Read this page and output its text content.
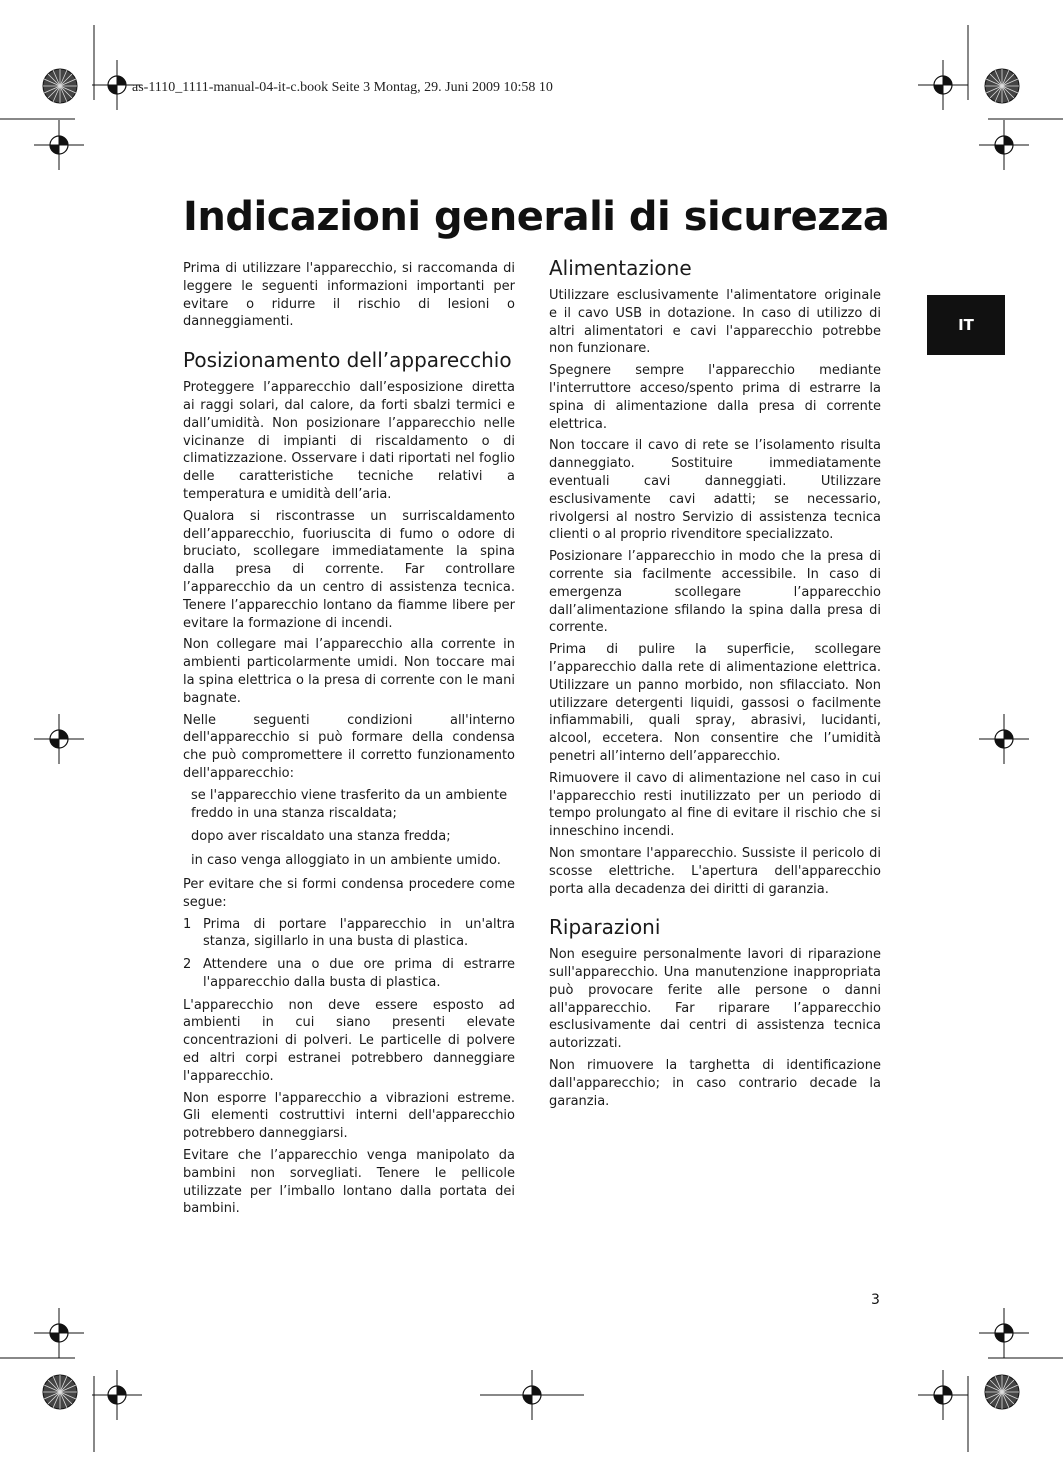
as-1110_1111-manual-04-it-c.book Seite 3 Montag, 29. Juni 2009 10:58 10
Indicazioni generali di sicurezza
IT

Prima di utilizzare l'apparecchio, si raccomanda di leggere le seguenti informazioni importanti per evitare o ridurre il rischio di lesioni o danneggiamenti.

Posizionamento dell’apparecchio

Proteggere l’apparecchio dall’esposizione diretta ai raggi solari, dal calore, da forti sbalzi termici e dall’umidità. Non posizionare l’apparecchio nelle vicinanze di impianti di riscaldamento o di climatizzazione. Osservare i dati riportati nel foglio delle caratteristiche tecniche relativi a temperatura e umidità dell’aria.

Qualora si riscontrasse un surriscaldamento dell’apparecchio, fuoriuscita di fumo o odore di bruciato, scollegare immediatamente la spina dalla presa di corrente. Far controllare l’apparecchio da un centro di assistenza tecnica. Tenere l’apparecchio lontano da fiamme libere per evitare la formazione di incendi.

Non collegare mai l’apparecchio alla corrente in ambienti particolarmente umidi. Non toccare mai la spina elettrica o la presa di corrente con le mani bagnate.

Nelle seguenti condizioni all'interno dell'apparecchio si può formare della condensa che può compromettere il corretto funzionamento dell'apparecchio:

se l'apparecchio viene trasferito da un ambiente freddo in una stanza riscaldata;

dopo aver riscaldato una stanza fredda;

in caso venga alloggiato in un ambiente umido.

Per evitare che si formi condensa procedere come segue:

1 Prima di portare l'apparecchio in un'altra stanza, sigillarlo in una busta di plastica.
2 Attendere una o due ore prima di estrarre l'apparecchio dalla busta di plastica.

L'apparecchio non deve essere esposto ad ambienti in cui siano presenti elevate concentrazioni di polveri. Le particelle di polvere ed altri corpi estranei potrebbero danneggiare l'apparecchio.

Non esporre l'apparecchio a vibrazioni estreme. Gli elementi costruttivi interni dell'apparecchio potrebbero danneggiarsi.

Evitare che l’apparecchio venga manipolato da bambini non sorvegliati. Tenere le pellicole utilizzate per l’imballo lontano dalla portata dei bambini.

Alimentazione

Utilizzare esclusivamente l'alimentatore originale e il cavo USB in dotazione. In caso di utilizzo di altri alimentatori e cavi l'apparecchio potrebbe non funzionare.

Spegnere sempre l'apparecchio mediante l'interruttore acceso/spento prima di estrarre la spina di alimentazione dalla presa di corrente elettrica.

Non toccare il cavo di rete se l’isolamento risulta danneggiato. Sostituire immediatamente eventuali cavi danneggiati. Utilizzare esclusivamente cavi adatti; se necessario, rivolgersi al nostro Servizio di assistenza tecnica clienti o al proprio rivenditore specializzato.

Posizionare l’apparecchio in modo che la presa di corrente sia facilmente accessibile. In caso di emergenza scollegare l’apparecchio dall’alimentazione sfilando la spina dalla presa di corrente.

Prima di pulire la superficie, scollegare l’apparecchio dalla rete di alimentazione elettrica. Utilizzare un panno morbido, non sfilacciato. Non utilizzare detergenti liquidi, gassosi o facilmente infiammabili, quali spray, abrasivi, lucidanti, alcool, eccetera. Non consentire che l’umidità penetri all’interno dell’apparecchio.

Rimuovere il cavo di alimentazione nel caso in cui l'apparecchio resti inutilizzato per un periodo di tempo prolungato al fine di evitare il rischio che si inneschino incendi.

Non smontare l'apparecchio. Sussiste il pericolo di scosse elettriche. L'apertura dell'apparecchio porta alla decadenza dei diritti di garanzia.

Riparazioni

Non eseguire personalmente lavori di riparazione sull'apparecchio. Una manutenzione inappropriata può provocare ferite alle persone o danni all'apparecchio. Far riparare l’apparecchio esclusivamente dai centri di assistenza tecnica autorizzati.

Non rimuovere la targhetta di identificazione dall'apparecchio; in caso contrario decade la garanzia.

3
